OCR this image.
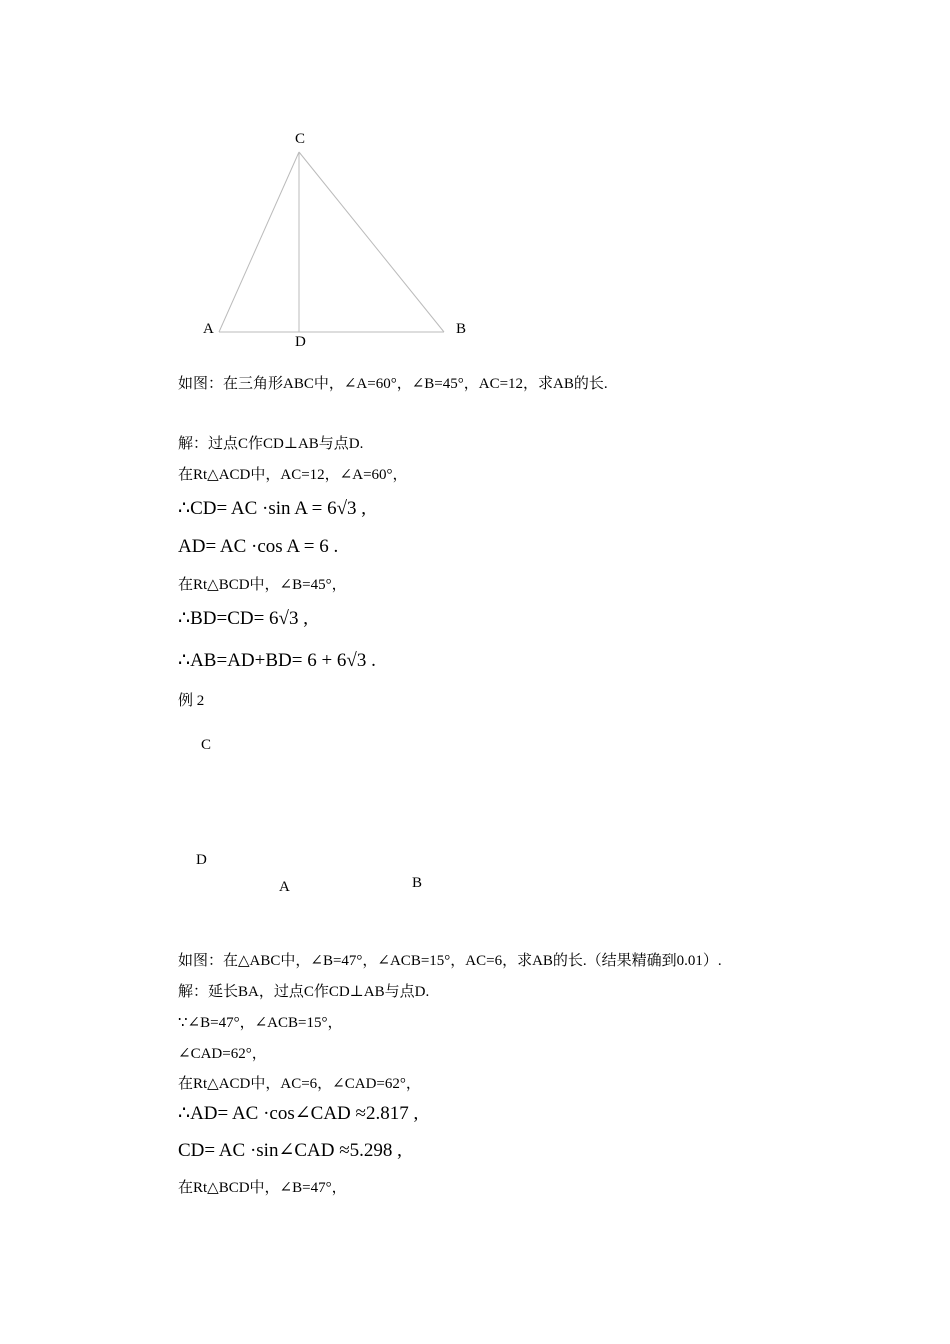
C
A	B
D
如图：在三角形ABC中，∠A=60°，∠B=45°，AC=12，求AB的长.
解：过点C作CD⊥AB与点D.
在Rt△ACD中，AC=12，∠A=60°，
∴CD= AC ·sin A = 6√3 ,
AD= AC ·cos A = 6 .
在Rt△BCD中，∠B=45°，
∴BD=CD= 6√3 ,
∴AB=AD+BD= 6 + 6√3 .
例 2
C
D
A	B
如图：在△ABC中，∠B=47°，∠ACB=15°，AC=6，求AB的长.（结果精确到0.01）.
解：延长BA，过点C作CD⊥AB与点D.
∵∠B=47°，∠ACB=15°，
∠CAD=62°，
在Rt△ACD中，AC=6，∠CAD=62°，
∴AD= AC ·cos∠CAD ≈2.817 ,
CD= AC ·sin∠CAD ≈5.298 ,
在Rt△BCD中，∠B=47°，
